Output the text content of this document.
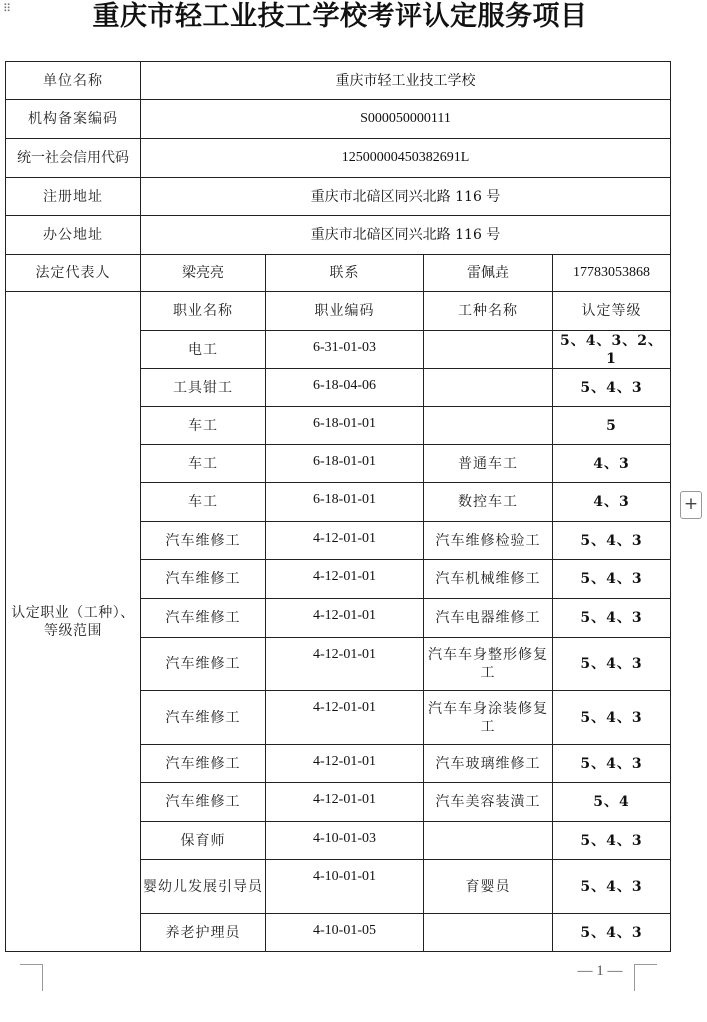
⠿	重庆市轻工业技工学校考评认定服务项目
单位名称	重庆市轻工业技工学校			
机构备案编码	S000050000111			
统一社会信用代码	12500000450382691L			
注册地址	重庆市北碚区同兴北路 116 号			
办公地址	重庆市北碚区同兴北路 116 号			
法定代表人	梁亮亮	联系	雷佩垚	17783053868
认定职业（工种）、等级范围	职业名称	职业编码	工种名称	认定等级
	电工	6-31-01-03		5、4、3、2、1
	工具钳工	6-18-04-06		5、4、3
	车工	6-18-01-01		5
	车工	6-18-01-01	普通车工	4、3
	车工	6-18-01-01	数控车工	4、3
	汽车维修工	4-12-01-01	汽车维修检验工	5、4、3
	汽车维修工	4-12-01-01	汽车机械维修工	5、4、3
	汽车维修工	4-12-01-01	汽车电器维修工	5、4、3
	汽车维修工	4-12-01-01	汽车车身整形修复工	5、4、3
	汽车维修工	4-12-01-01	汽车车身涂装修复工	5、4、3
	汽车维修工	4-12-01-01	汽车玻璃维修工	5、4、3
	汽车维修工	4-12-01-01	汽车美容装潢工	5、4
	保育师	4-10-01-03		5、4、3
	婴幼儿发展引导员	4-10-01-01	育婴员	5、4、3
	养老护理员	4-10-01-05		5、4、3
+
— 1 —
